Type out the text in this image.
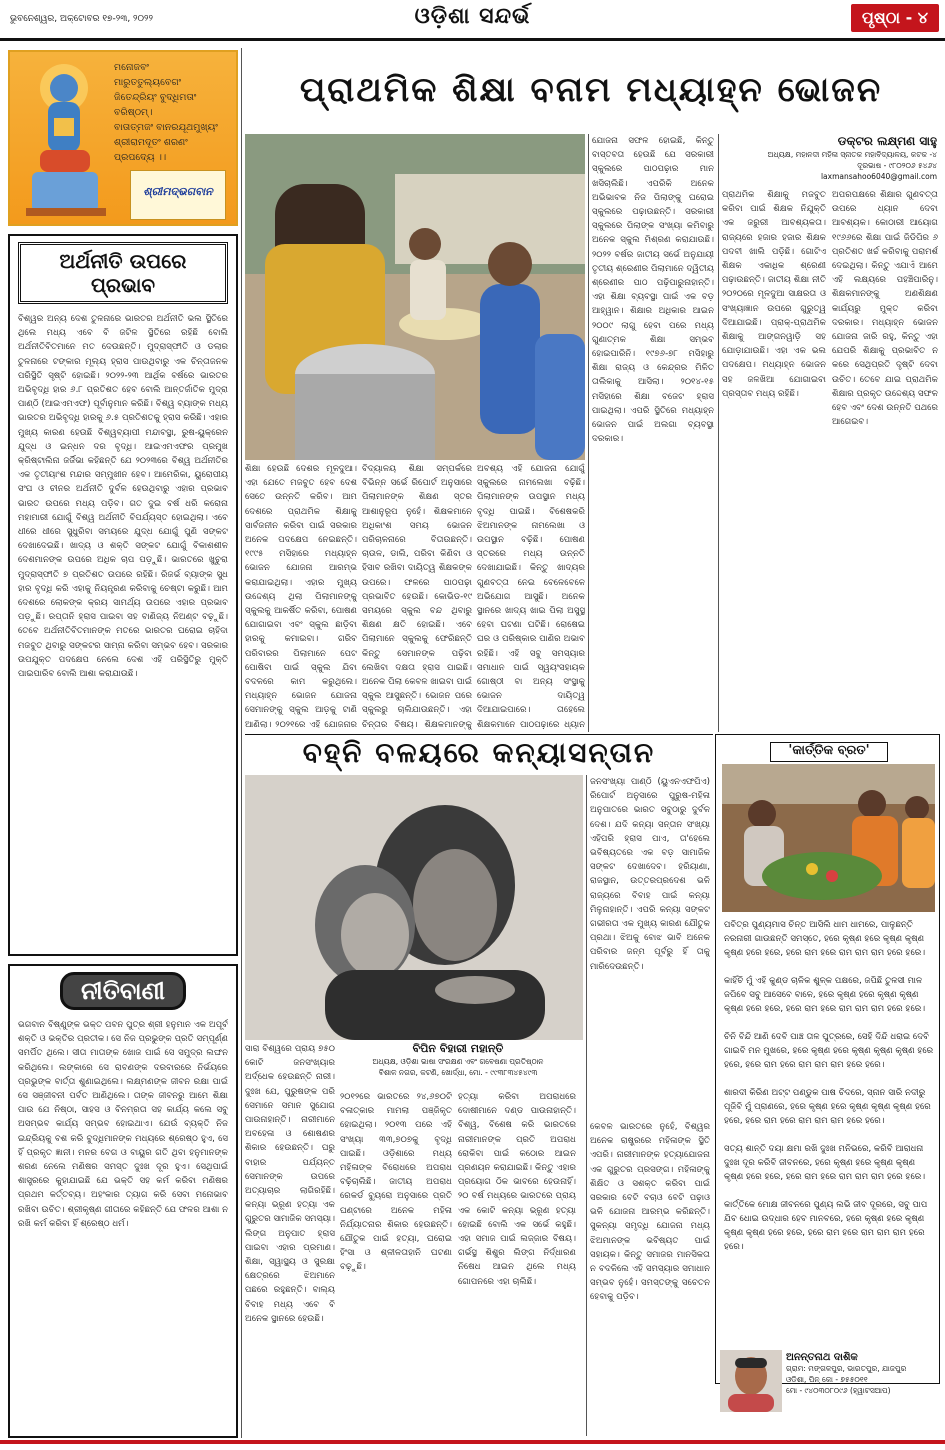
ଭୁବନେଶ୍ୱର, ଅକ୍ଟୋବର ୧୭-୨୩, ୨୦୨୨	ଓଡ଼ିଶା ସନ୍ଦର୍ଭ	ପୃଷ୍ଠା - ୪
ମନୋଜବଂ
ମାରୁତତୁଲ୍ୟବେଗଂ
ଜିତେନ୍ଦ୍ରିୟଂ ବୁଦ୍ଧିମତାଂ
ବରିଷ୍ଠମ୍।
ବାତାତ୍ମଜଂ ବାନରଯୂଥମୁଖ୍ୟଂ
ଶ୍ରୀରାମଦୂତଂ ଶରଣଂ
ପ୍ରପଦ୍ୟେ ।।
ଶ୍ରୀମଦ୍ଭଗବାନ
ଅର୍ଥନୀତି ଉପରେ ପ୍ରଭାବ
ବିଶ୍ୱର ଅନ୍ୟ ଦେଶ ତୁଳନାରେ ଭାରତର ଅର୍ଥନୀତି ଭଲ ସ୍ଥିତିରେ ଥିଲେ ମଧ୍ୟ ଏବେ ବି ଜଟିଳ ସ୍ଥିତିରେ ରହିଛି ବୋଲି ଅର୍ଥନୀତିବିତମାନେ ମତ ଦେଉଛନ୍ତି। ମୁଦ୍ରାସ୍ଫୀତି ଓ ଡଲାର ତୁଳନାରେ ଟଙ୍କାର ମୂଲ୍ୟ ହ୍ରାସ ପାଉଥିବାରୁ ଏକ ଚିନ୍ତାଜନକ ପରିସ୍ଥିତି ସୃଷ୍ଟି ହୋଇଛି। ୨୦୨୨-୨୩ ଆର୍ଥିକ ବର୍ଷରେ ଭାରତର ଅଭିବୃଦ୍ଧି ହାର ୬.୮ ପ୍ରତିଶତ ହେବ ବୋଲି ଆନ୍ତର୍ଜାତିକ ମୁଦ୍ରା ପାଣ୍ଠି (ଆଇଏମଏଫ) ପୂର୍ବାନୁମାନ କରିଛି। ବିଶ୍ୱ ବ୍ୟାଙ୍କ ମଧ୍ୟ ଭାରତର ଅଭିବୃଦ୍ଧି ହାରକୁ ୬.୫ ପ୍ରତିଶତକୁ ହ୍ରାସ କରିଛି। ଏହାର ମୁଖ୍ୟ କାରଣ ହେଉଛି ବିଶ୍ୱବ୍ୟାପୀ ମନ୍ଦାବସ୍ଥା, ରୁଷ-ୟୁକ୍ରେନ ଯୁଦ୍ଧ ଓ ଇନ୍ଧନ ଦର ବୃଦ୍ଧି। ଆଇଏମଏଫର ପ୍ରମୁଖ କ୍ରିଷ୍ଟାଲିନା ଜର୍ଜିଭା କହିଛନ୍ତି ଯେ ୨୦୨୩ରେ ବିଶ୍ୱ ଅର୍ଥନୀତିର ଏକ ତୃତୀୟାଂଶ ମନ୍ଦାର ସମ୍ମୁଖୀନ ହେବ। ଆମେରିକା, ୟୁରୋପୀୟ ସଂଘ ଓ ଚୀନର ଅର୍ଥନୀତି ଦୁର୍ବଳ ହେଉଥିବାରୁ ଏହାର ପ୍ରଭାବ ଭାରତ ଉପରେ ମଧ୍ୟ ପଡ଼ିବ। ଗତ ଦୁଇ ବର୍ଷ ଧରି କରୋନା ମହାମାରୀ ଯୋଗୁଁ ବିଶ୍ୱ ଅର୍ଥନୀତି ବିପର୍ଯ୍ୟସ୍ତ ହୋଇଥିଲା। ଏବେ ଧୀରେ ଧୀରେ ସୁଧୁରିବା ସମୟରେ ଯୁଦ୍ଧ ଯୋଗୁଁ ପୁଣି ସଙ୍କଟ ଦେଖାଦେଇଛି। ଖାଦ୍ୟ ଓ ଶକ୍ତି ସଙ୍କଟ ଯୋଗୁଁ ବିକାଶଶୀଳ ଦେଶମାନଙ୍କ ଉପରେ ଅଧିକ ଚାପ ପଡ଼ୁଛି। ଭାରତରେ ଖୁଚୁରା ମୁଦ୍ରାସ୍ଫୀତି ୭ ପ୍ରତିଶତ ଉପରେ ରହିଛି। ରିଜର୍ଭ ବ୍ୟାଙ୍କ ସୁଧ ହାର ବୃଦ୍ଧି କରି ଏହାକୁ ନିୟନ୍ତ୍ରଣ କରିବାକୁ ଚେଷ୍ଟା କରୁଛି। ଆମ ଦେଶରେ ଲୋକଙ୍କ କ୍ରୟ ସାମର୍ଥ୍ୟ ଉପରେ ଏହାର ପ୍ରଭାବ ପଡ଼ୁଛି। ରପ୍ତାନି ହ୍ରାସ ପାଇବା ସହ ବାଣିଜ୍ୟ ନିଅଣ୍ଟ ବଢ଼ୁଛି। ତେବେ ଅର୍ଥନୀତିବିତମାନଙ୍କ ମତରେ ଭାରତର ଘରୋଇ ଚାହିଦା ମଜବୁତ ଥିବାରୁ ସଙ୍କଟର ସାମ୍ନା କରିବା ସମ୍ଭବ ହେବ। ସରକାର ଉପଯୁକ୍ତ ପଦକ୍ଷେପ ନେଲେ ଦେଶ ଏହି ପରିସ୍ଥିତିରୁ ମୁକ୍ତି ପାଇପାରିବ ବୋଲି ଆଶା କରାଯାଉଛି।
ନୀତିବାଣୀ
ଭଗବାନ ବିଷ୍ଣୁଙ୍କ ଭକ୍ତ ପବନ ପୁତ୍ର ଶ୍ରୀ ହନୁମାନ ଏକ ଅପୂର୍ବ ଶକ୍ତି ଓ ଭକ୍ତିର ପ୍ରତୀକ। ସେ ନିଜ ପ୍ରଭୁଙ୍କ ପ୍ରତି ସମ୍ପୂର୍ଣ୍ଣ ସମର୍ପିତ ଥିଲେ। ସୀତା ମାତାଙ୍କ ଖୋଜ ପାଇଁ ସେ ସମୁଦ୍ର ଲଙ୍ଘନ କରିଥିଲେ। ଲଙ୍କାରେ ସେ ରାବଣଙ୍କ ଦରବାରରେ ନିର୍ଭୟରେ ପ୍ରଭୁଙ୍କ ବାର୍ତ୍ତା ଶୁଣାଇଥିଲେ। ଲକ୍ଷ୍ମଣଙ୍କ ଜୀବନ ରକ୍ଷା ପାଇଁ ସେ ସଞ୍ଜୀବନୀ ପର୍ବତ ଆଣିଥିଲେ। ତାଙ୍କ ଜୀବନରୁ ଆମେ ଶିକ୍ଷା ପାଉ ଯେ ନିଷ୍ଠା, ସାହସ ଓ ବିନମ୍ରତା ସହ କାର୍ଯ୍ୟ କଲେ ସବୁ ଅସମ୍ଭବ କାର୍ଯ୍ୟ ସମ୍ଭବ ହୋଇଥାଏ। ଯେଉଁ ବ୍ୟକ୍ତି ନିଜ ଇନ୍ଦ୍ରିୟକୁ ବଶ କରି ବୁଦ୍ଧିମାନଙ୍କ ମଧ୍ୟରେ ଶ୍ରେଷ୍ଠ ହୁଏ, ସେ ହିଁ ପ୍ରକୃତ ଜ୍ଞାନୀ। ମନର ବେଗ ଓ ବାୟୁର ଗତି ଥିବା ହନୁମାନଙ୍କ ଶରଣ ନେଲେ ମଣିଷର ସମସ୍ତ ଦୁଃଖ ଦୂର ହୁଏ। ସେଥିପାଇଁ ଶାସ୍ତ୍ରରେ କୁହାଯାଇଛି ଯେ ଭକ୍ତି ସହ କର୍ମ କରିବା ମଣିଷର ପ୍ରଥମ କର୍ତ୍ତବ୍ୟ। ଅହଂକାର ତ୍ୟାଗ କରି ସେବା ମନୋଭାବ ରଖିବା ଉଚିତ। ଶ୍ରୀକୃଷ୍ଣ ଗୀତାରେ କହିଛନ୍ତି ଯେ ଫଳର ଆଶା ନ ରଖି କର୍ମ କରିବା ହିଁ ଶ୍ରେଷ୍ଠ ଧର୍ମ।
ପ୍ରାଥମିକ ଶିକ୍ଷା ବନାମ ମଧ୍ୟାହ୍ନ ଭୋଜନ
ଶିକ୍ଷା ହେଉଛି ଦେଶର ମୂଳଦୁଆ। ଏହା ଯେତେ ମଜବୁତ ହେବ ଦେଶ ସେତେ ଉନ୍ନତି କରିବ। ଆମ ଦେଶରେ ପ୍ରାଥମିକ ଶିକ୍ଷାକୁ ସାର୍ବଜନୀନ କରିବା ପାଇଁ ସରକାର ଅନେକ ପଦକ୍ଷେପ ନେଇଛନ୍ତି। ୧୯୯୫ ମସିହାରେ ମଧ୍ୟାହ୍ନ ଭୋଜନ ଯୋଜନା ଆରମ୍ଭ କରାଯାଇଥିଲା। ଏହାର ମୁଖ୍ୟ ଉଦ୍ଦେଶ୍ୟ ଥିଲା ପିଲାମାନଙ୍କୁ ସ୍କୁଲକୁ ଆକର୍ଷିତ କରିବା, ପୋଷଣ ଯୋଗାଇବା ଏବଂ ସ୍କୁଲ ଛାଡ଼ିବା ହାରକୁ କମାଇବା। ଗରିବ ପରିବାରର ପିଲାମାନେ ପେଟ ପୋଷିବା ପାଇଁ ସ୍କୁଲ ଯିବା ବଦଳରେ କାମ କରୁଥିଲେ। ମଧ୍ୟାହ୍ନ ଭୋଜନ ଯୋଜନା ସେମାନଙ୍କୁ ସ୍କୁଲ ଆଡ଼କୁ ଟାଣି ଆଣିଲା। ୨୦୨୧ରେ ଏହି ଯୋଜନାର
ବିଦ୍ୟାଳୟ ଶିକ୍ଷା ସମ୍ପର୍କରେ ବିଭିନ୍ନ ସର୍ଭେ ରିପୋର୍ଟ ଅନୁସାରେ ପିଲାମାନଙ୍କ ଶିକ୍ଷଣ ସ୍ତର ଆଶାନୁରୂପ ନୁହେଁ। ଶିକ୍ଷକମାନେ ଅଧିକାଂଶ ସମୟ ଭୋଜନ ପରିଚାଳନାରେ ବିତାଉଛନ୍ତି। ଚାଉଳ, ଡାଲି, ପରିବା କିଣିବା ଓ ହିସାବ ରଖିବା ଦାୟିତ୍ୱ ଶିକ୍ଷକଙ୍କ ଉପରେ। ଫଳରେ ପାଠପଢ଼ା ପ୍ରଭାବିତ ହେଉଛି। କୋଭିଡ-୧୯ ସମୟରେ ସ୍କୁଲ ବନ୍ଦ ଥିବାରୁ ଶିକ୍ଷଣ କ୍ଷତି ହୋଇଛି। ଏବେ ପିଲାମାନେ ସ୍କୁଲକୁ ଫେରିଛନ୍ତି କିନ୍ତୁ ସେମାନଙ୍କ ପଢ଼ିବା ଲେଖିବା ଦକ୍ଷତା ହ୍ରାସ ପାଇଛି। ଅନେକ ପିଲା କେବଳ ଖାଇବା ପାଇଁ ସ୍କୁଲ ଆସୁଛନ୍ତି। ଭୋଜନ ପରେ ସ୍କୁଲରୁ ଚାଲିଯାଉଛନ୍ତି। ଏହା ଚିନ୍ତାର ବିଷୟ। ଶିକ୍ଷକମାନଙ୍କୁ
ଅବଶ୍ୟ ଏହି ଯୋଜନା ଯୋଗୁଁ ସ୍କୁଲରେ ନାମଲେଖା ବଢ଼ିଛି। ପିଲାମାନଙ୍କ ଉପସ୍ଥାନ ମଧ୍ୟ ବୃଦ୍ଧି ପାଇଛି। ବିଶେଷକରି ଝିଅମାନଙ୍କ ନାମଲେଖା ଓ ଉପସ୍ଥାନ ବଢ଼ିଛି। ପୋଷଣ ସ୍ତରରେ ମଧ୍ୟ ଉନ୍ନତି ଦେଖାଯାଇଛି। କିନ୍ତୁ ଖାଦ୍ୟର ଗୁଣବତ୍ତା ନେଇ ବେଳେବେଳେ ଅଭିଯୋଗ ଆସୁଛି। ଅନେକ ସ୍ଥାନରେ ଖାଦ୍ୟ ଖାଇ ପିଲା ଅସୁସ୍ଥ ହେବା ଘଟଣା ଘଟିଛି। ରୋଷେଇ ଘର ଓ ପରିଷ୍କାର ପାଣିର ଅଭାବ ରହିଛି। ଏହି ସବୁ ସମସ୍ୟାର ସମାଧାନ ପାଇଁ ସ୍ୱୟଂସହାୟକ ଗୋଷ୍ଠୀ ବା ଅନ୍ୟ ସଂସ୍ଥାକୁ ଭୋଜନ ଦାୟିତ୍ୱ ଦିଆଯାଇପାରେ। ତାହେଲେ ଶିକ୍ଷକମାନେ ପାଠପଢ଼ାରେ ଧ୍ୟାନ
ଯୋଜନା ସଫଳ ହୋଇଛି, କିନ୍ତୁ ବାସ୍ତବତା ହେଉଛି ଯେ ସରକାରୀ ସ୍କୁଲରେ ପାଠପଢ଼ାର ମାନ ଖସିଚାଲିଛି। ଏପରିକି ଅନେକ ଅଭିଭାବକ ନିଜ ପିଲାଙ୍କୁ ଘରୋଇ ସ୍କୁଲରେ ପଢ଼ାଉଛନ୍ତି। ସରକାରୀ ସ୍କୁଲରେ ପିଲାଙ୍କ ସଂଖ୍ୟା କମିବାରୁ ଅନେକ ସ୍କୁଲ ମିଶ୍ରଣ କରାଯାଉଛି। ୨୦୨୨ ବର୍ଷର ଜାତୀୟ ସର୍ଭେ ଅନୁଯାୟୀ ତୃତୀୟ ଶ୍ରେଣୀର ପିଲାମାନେ ଦ୍ୱିତୀୟ ଶ୍ରେଣୀର ପାଠ ପଢ଼ିପାରୁନାହାନ୍ତି। ଏହା ଶିକ୍ଷା ବ୍ୟବସ୍ଥା ପାଇଁ ଏକ ବଡ଼ ଆହ୍ୱାନ। ଶିକ୍ଷାର ଅଧିକାର ଆଇନ ୨୦୦୯ ଲାଗୁ ହେବା ପରେ ମଧ୍ୟ ଗୁଣାତ୍ମକ ଶିକ୍ଷା ସମ୍ଭବ ହୋଇପାରିନି। ୧୯୭୬-୭୮ ମସିହାରୁ ଶିକ୍ଷା ରାଜ୍ୟ ଓ କେନ୍ଦ୍ରର ମିଳିତ ତାଲିକାକୁ ଆସିଲା। ୨୦୧୪-୧୫ ମସିହାରେ ଶିକ୍ଷା ବଜେଟ ହ୍ରାସ ପାଇଥିଲା। ଏପରି ସ୍ଥିତିରେ ମଧ୍ୟାହ୍ନ ଭୋଜନ ପାଇଁ ଅଲଗା ବ୍ୟବସ୍ଥା ଦରକାର।
ଡକ୍ଟର ଲକ୍ଷ୍ମଣ ସାହୁ
ଅଧ୍ୟକ୍ଷ, ମହାନଦୀ ମହିଳା ସ୍ନାତକ ମହାବିଦ୍ୟାଳୟ, କଟକ -୪
ଦୂରଭାଷ - ୯୮୦୨୦୬ ୫୪୬୪
laxmansahoo6040@gmail.com
ପ୍ରାଥମିକ ଶିକ୍ଷାକୁ ମଜବୁତ କରିବା ପାଇଁ ଶିକ୍ଷକ ନିଯୁକ୍ତି ଏକ ଜରୁରୀ ଆବଶ୍ୟକତା। ରାଜ୍ୟରେ ହଜାର ହଜାର ଶିକ୍ଷକ ପଦବୀ ଖାଲି ପଡ଼ିଛି। ଗୋଟିଏ ଶିକ୍ଷକ ଏକାଧିକ ଶ୍ରେଣୀ ପଢ଼ାଉଛନ୍ତି। ଜାତୀୟ ଶିକ୍ଷା ନୀତି ୨୦୨୦ରେ ମୂଳଦୁଆ ସାକ୍ଷରତା ଓ ସଂଖ୍ୟାଜ୍ଞାନ ଉପରେ ଗୁରୁତ୍ୱ ଦିଆଯାଇଛି। ପ୍ରାକ୍-ପ୍ରାଥମିକ ଶିକ୍ଷାକୁ ଆଙ୍ଗନୱାଡ଼ି ସହ ଯୋଡ଼ାଯାଉଛି। ଏହା ଏକ ଭଲ ପଦକ୍ଷେପ। ମଧ୍ୟାହ୍ନ ଭୋଜନ ସହ ଜଳଖିଆ ଯୋଗାଇବା ପ୍ରସ୍ତାବ ମଧ୍ୟ ରହିଛି।
ଅପରପକ୍ଷରେ ଶିକ୍ଷାର ଗୁଣବତ୍ତା ଉପରେ ଧ୍ୟାନ ଦେବା ଆବଶ୍ୟକ। କୋଠାରୀ ଆୟୋଗ ୧୯୬୬ରେ ଶିକ୍ଷା ପାଇଁ ଜିଡିପିର ୬ ପ୍ରତିଶତ ଖର୍ଚ୍ଚ କରିବାକୁ ପରାମର୍ଶ ଦେଇଥିଲା। କିନ୍ତୁ ଏଯାଏଁ ଆମେ ଏହି ଲକ୍ଷ୍ୟରେ ପହଞ୍ଚିପାରିନୁ। ଶିକ୍ଷକମାନଙ୍କୁ ଅଣଶିକ୍ଷଣ କାର୍ଯ୍ୟରୁ ମୁକ୍ତ କରିବା ଦରକାର। ମଧ୍ୟାହ୍ନ ଭୋଜନ ଯୋଜନା ଜାରି ରହୁ, କିନ୍ତୁ ଏହା ଯେପରି ଶିକ୍ଷାକୁ ପ୍ରଭାବିତ ନ କରେ ସେଥିପ୍ରତି ଦୃଷ୍ଟି ଦେବା ଉଚିତ। ତେବେ ଯାଇ ପ୍ରାଥମିକ ଶିକ୍ଷାର ପ୍ରକୃତ ଉଦ୍ଦେଶ୍ୟ ସଫଳ ହେବ ଏବଂ ଦେଶ ଉନ୍ନତି ପଥରେ ଆଗେଇବ।
ବହ୍ନି ବଳୟରେ କନ୍ୟାସନ୍ତାନ
ବିପିନ ବିହାରୀ ମହାନ୍ତି
ଅଧ୍ୟକ୍ଷ, ଓଡ଼ିଶା ଭାଷା ସଂରକ୍ଷଣ ଏବଂ ଗବେଷଣା ପ୍ରତିଷ୍ଠାନ
ବିଶାଳ ନଗର, କଟଣି, ଖୋର୍ଦ୍ଧା, ମୋ. - ୯୯୩୮୩୪୫୪୯୩
ସାରା ବିଶ୍ୱରେ ପ୍ରାୟ ୭୫୦ କୋଟି ଜନସଂଖ୍ୟାର ଅର୍ଦ୍ଧେକ ହେଉଛନ୍ତି ନାରୀ। ଦୁଃଖ ଯେ, ପୁରୁଷଙ୍କ ପରି ସେମାନେ ସମାନ ସୁଯୋଗ ପାଉନାହାନ୍ତି। ନାରୀମାନେ ଅବହେଳା ଓ ଶୋଷଣର ଶିକାର ହେଉଛନ୍ତି। ଘରୁ ବାହାର ପର୍ଯ୍ୟନ୍ତ ସେମାନଙ୍କ ଉପରେ ଅତ୍ୟାଚାର ଲାଗିରହିଛି। କନ୍ୟା ଭ୍ରୂଣ ହତ୍ୟା ଏକ ଗୁରୁତର ସାମାଜିକ ସମସ୍ୟା। ଲିଙ୍ଗ ଅନୁପାତ ହ୍ରାସ ପାଇବା ଏହାର ପ୍ରମାଣ। ଶିକ୍ଷା, ସ୍ୱାସ୍ଥ୍ୟ ଓ ସୁରକ୍ଷା କ୍ଷେତ୍ରରେ ଝିଅମାନେ ପଛରେ ରହୁଛନ୍ତି। ବାଲ୍ୟ ବିବାହ ମଧ୍ୟ ଏବେ ବି ଅନେକ ସ୍ଥାନରେ ହେଉଛି।
୨୦୧୨ରେ ଭାରତରେ ୨୪,୬୭୦ଟି ବଳାତ୍କାର ମାମଲା ପଞ୍ଜିକୃତ ହୋଇଥିଲା। ୨୦୧୩ ପରେ ଏହି ସଂଖ୍ୟା ୩୩,୭୦୭କୁ ବୃଦ୍ଧି ପାଇଛି। ଓଡ଼ିଶାରେ ମଧ୍ୟ ମହିଳାଙ୍କ ବିରୋଧରେ ଅପରାଧ ବଢ଼ିଚାଲିଛି। ଜାତୀୟ ଅପରାଧ ରେକର୍ଡ ବ୍ୟୁରୋ ଅନୁସାରେ ପ୍ରତି ଘଣ୍ଟାରେ ଅନେକ ମହିଳା ନିର୍ଯ୍ୟାତନାର ଶିକାର ହେଉଛନ୍ତି। ଯୌତୁକ ପାଇଁ ହତ୍ୟା, ଘରୋଇ ହିଂସା ଓ ଶ୍ଳୀଳତାହାନି ଘଟଣା ବଢ଼ୁଛି।
ହତ୍ୟା କରିବା ଅପରାଧରେ ଦୋଷୀମାନେ ଦଣ୍ଡ ପାଉନାହାନ୍ତି। ବିଶ୍ୱ, ବିଶେଷ କରି ଭାରତରେ ନାରୀମାନଙ୍କ ପ୍ରତି ଅପରାଧ ରୋକିବା ପାଇଁ କଠୋର ଆଇନ ପ୍ରଣୟନ କରାଯାଇଛି। କିନ୍ତୁ ଏହାର ପ୍ରୟୋଗ ଠିକ ଭାବରେ ହେଉନାହିଁ। ୨୦ ବର୍ଷ ମଧ୍ୟରେ ଭାରତରେ ପ୍ରାୟ ଏକ କୋଟି କନ୍ୟା ଭ୍ରୂଣ ହତ୍ୟା ହୋଇଛି ବୋଲି ଏକ ସର୍ଭେ କହୁଛି। ଏହା ସମାଜ ପାଇଁ ଲଜ୍ଜାର ବିଷୟ। ଗର୍ଭସ୍ଥ ଶିଶୁର ଲିଙ୍ଗ ନିର୍ଦ୍ଧାରଣ ନିଷେଧ ଆଇନ ଥିଲେ ମଧ୍ୟ ଗୋପନରେ ଏହା ଚାଲିଛି।
ଜନସଂଖ୍ୟା ପାଣ୍ଠି (ୟୁଏନଏଫପିଏ) ରିପୋର୍ଟ ଅନୁସାରେ ପୁରୁଷ-ମହିଳା ଅନୁପାତରେ ଭାରତ ସବୁଠାରୁ ଦୁର୍ବଳ ଦେଶ। ଯଦି କନ୍ୟା ସନ୍ତାନ ସଂଖ୍ୟା ଏହିପରି ହ୍ରାସ ପାଏ, ତା'ହେଲେ ଭବିଷ୍ୟତରେ ଏକ ବଡ଼ ସାମାଜିକ ସଙ୍କଟ ଦେଖାଦେବ। ହରିୟାଣା, ରାଜସ୍ଥାନ, ଉତ୍ତରପ୍ରଦେଶ ଭଳି ରାଜ୍ୟରେ ବିବାହ ପାଇଁ କନ୍ୟା ମିଳୁନାହାନ୍ତି। ଏପରି କନ୍ୟା ସଙ୍କଟ ଗଭୀରତା ଏକ ମୁଖ୍ୟ କାରଣ ଯୌତୁକ ପ୍ରଥା। ଝିଅକୁ ବୋଝ ଭାବି ଅନେକ ପରିବାର ଜନ୍ମ ପୂର୍ବରୁ ହିଁ ତାକୁ ମାରିଦେଉଛନ୍ତି।
କେବଳ ଭାରତରେ ନୁହେଁ, ବିଶ୍ୱର ଅନେକ ରାଷ୍ଟ୍ରରେ ମହିଳାଙ୍କ ସ୍ଥିତି ଏପରି। ନାରୀମାନଙ୍କ ହତ୍ୟାଯୋଜନା ଏକ ଗୁରୁତର ପ୍ରସଙ୍ଗ। ମହିଳାଙ୍କୁ ଶିକ୍ଷିତ ଓ ସଶକ୍ତ କରିବା ପାଇଁ ସରକାର ବେଟି ବଚାଓ ବେଟି ପଢ଼ାଓ ଭଳି ଯୋଜନା ଆରମ୍ଭ କରିଛନ୍ତି। ସୁକନ୍ୟା ସମୃଦ୍ଧି ଯୋଜନା ମଧ୍ୟ ଝିଅମାନଙ୍କ ଭବିଷ୍ୟତ ପାଇଁ ସହାୟକ। କିନ୍ତୁ ସମାଜର ମାନସିକତା ନ ବଦଳିଲେ ଏହି ସମସ୍ୟାର ସମାଧାନ ସମ୍ଭବ ନୁହେଁ। ସମସ୍ତଙ୍କୁ ସଚେତନ ହେବାକୁ ପଡ଼ିବ।
'କାର୍ତ୍ତିକ ବ୍ରତ'
ପବିତ୍ର ପୁଣ୍ୟମାସ ଚିନ୍ତ ଆସିଲି ଧାମ ଧାମରେ, ପାଳୁଛନ୍ତି ନରନାରୀ ଗାଉଛନ୍ତି ସମସ୍ତେ, ହରେ କୃଷ୍ଣ ହରେ କୃଷ୍ଣ କୃଷ୍ଣ କୃଷ୍ଣ ହରେ ହରେ, ହରେ ରାମ ହରେ ରାମ ରାମ ରାମ ହରେ ହରେ।
କାହିଁଚି ମୁଁ ଏହି କୁଣ୍ଡ ଚାଳିକ ଶୁଳ୍କ ପକ୍ଷରେ, ଜପିଛି ତୁଳସୀ ମାଳ ଜପିବେ ସବୁ ଆସେବେ ବାଳେ, ହରେ କୃଷ୍ଣ ହରେ କୃଷ୍ଣ କୃଷ୍ଣ କୃଷ୍ଣ ହରେ ହରେ, ହରେ ରାମ ହରେ ରାମ ରାମ ରାମ ହରେ ହରେ।
ଚିନି ବିନ୍ଦି ଆଣି ଦେବି ପାଞ୍ଚ ତାଳ ପୁତ୍ରରେ, ସେହି ଦିନ୍ଦି ଧରାଇ ଦେବି ଗାଇବି ମନ ମୁଖରେ, ହରେ କୃଷ୍ଣ ହରେ କୃଷ୍ଣ କୃଷ୍ଣ କୃଷ୍ଣ ହରେ ହରେ, ହରେ ରାମ ହରେ ରାମ ରାମ ରାମ ହରେ ହରେ।
ଶାରଦୀ କିରିଣ ଅଟ୍ଟ ପଣ୍ଡୁକ ପାଷ ଚିଦରେ, ସ୍ନାନ ସାରି ନଦୀରୁ ପୂଜିବି ମୁଁ ପ୍ରାଣରେ, ହରେ କୃଷ୍ଣ ହରେ କୃଷ୍ଣ କୃଷ୍ଣ କୃଷ୍ଣ ହରେ ହରେ, ହରେ ରାମ ହରେ ରାମ ରାମ ରାମ ହରେ ହରେ।
ସତ୍ୟ ଶାନ୍ତି ଦୟା କ୍ଷମା ରଖି ଦୁଃଖ ମନିଭରେ, କରିବି ଆରାଧନା ଦୁଃଖ ଦୂର କରିବି ଜୀବନରେ, ହରେ କୃଷ୍ଣ ହରେ କୃଷ୍ଣ କୃଷ୍ଣ କୃଷ୍ଣ ହରେ ହରେ, ହରେ ରାମ ହରେ ରାମ ରାମ ରାମ ହରେ ହରେ।
କାର୍ତ୍ତିକେ ମୋକ୍ଷ ଜୀବନରେ ପୁଣ୍ୟ ଲଭି ଜୀବ ଦୂରରେ, ସବୁ ପାପ ଯିବ ଧୋଇ ଉଦ୍ଧାର ହେବ ମାନବରେ, ହରେ କୃଷ୍ଣ ହରେ କୃଷ୍ଣ କୃଷ୍ଣ କୃଷ୍ଣ ହରେ ହରେ, ହରେ ରାମ ହରେ ରାମ ରାମ ରାମ ହରେ ହରେ।
ଅନନ୍ତନାଥ ଦାଶିକ
ଗ୍ରାମ: ମଙ୍ଗଳପୁର, ଭାରତପୁର, ଯାଜପୁର
ଓଡ଼ିଶା, ପିନ୍ କୋ - ୭୫୫୦୧୧
ମୋ - ୯୪୦୩୦୮୦୯୬ (ହ୍ୱାଟସଆପ)
